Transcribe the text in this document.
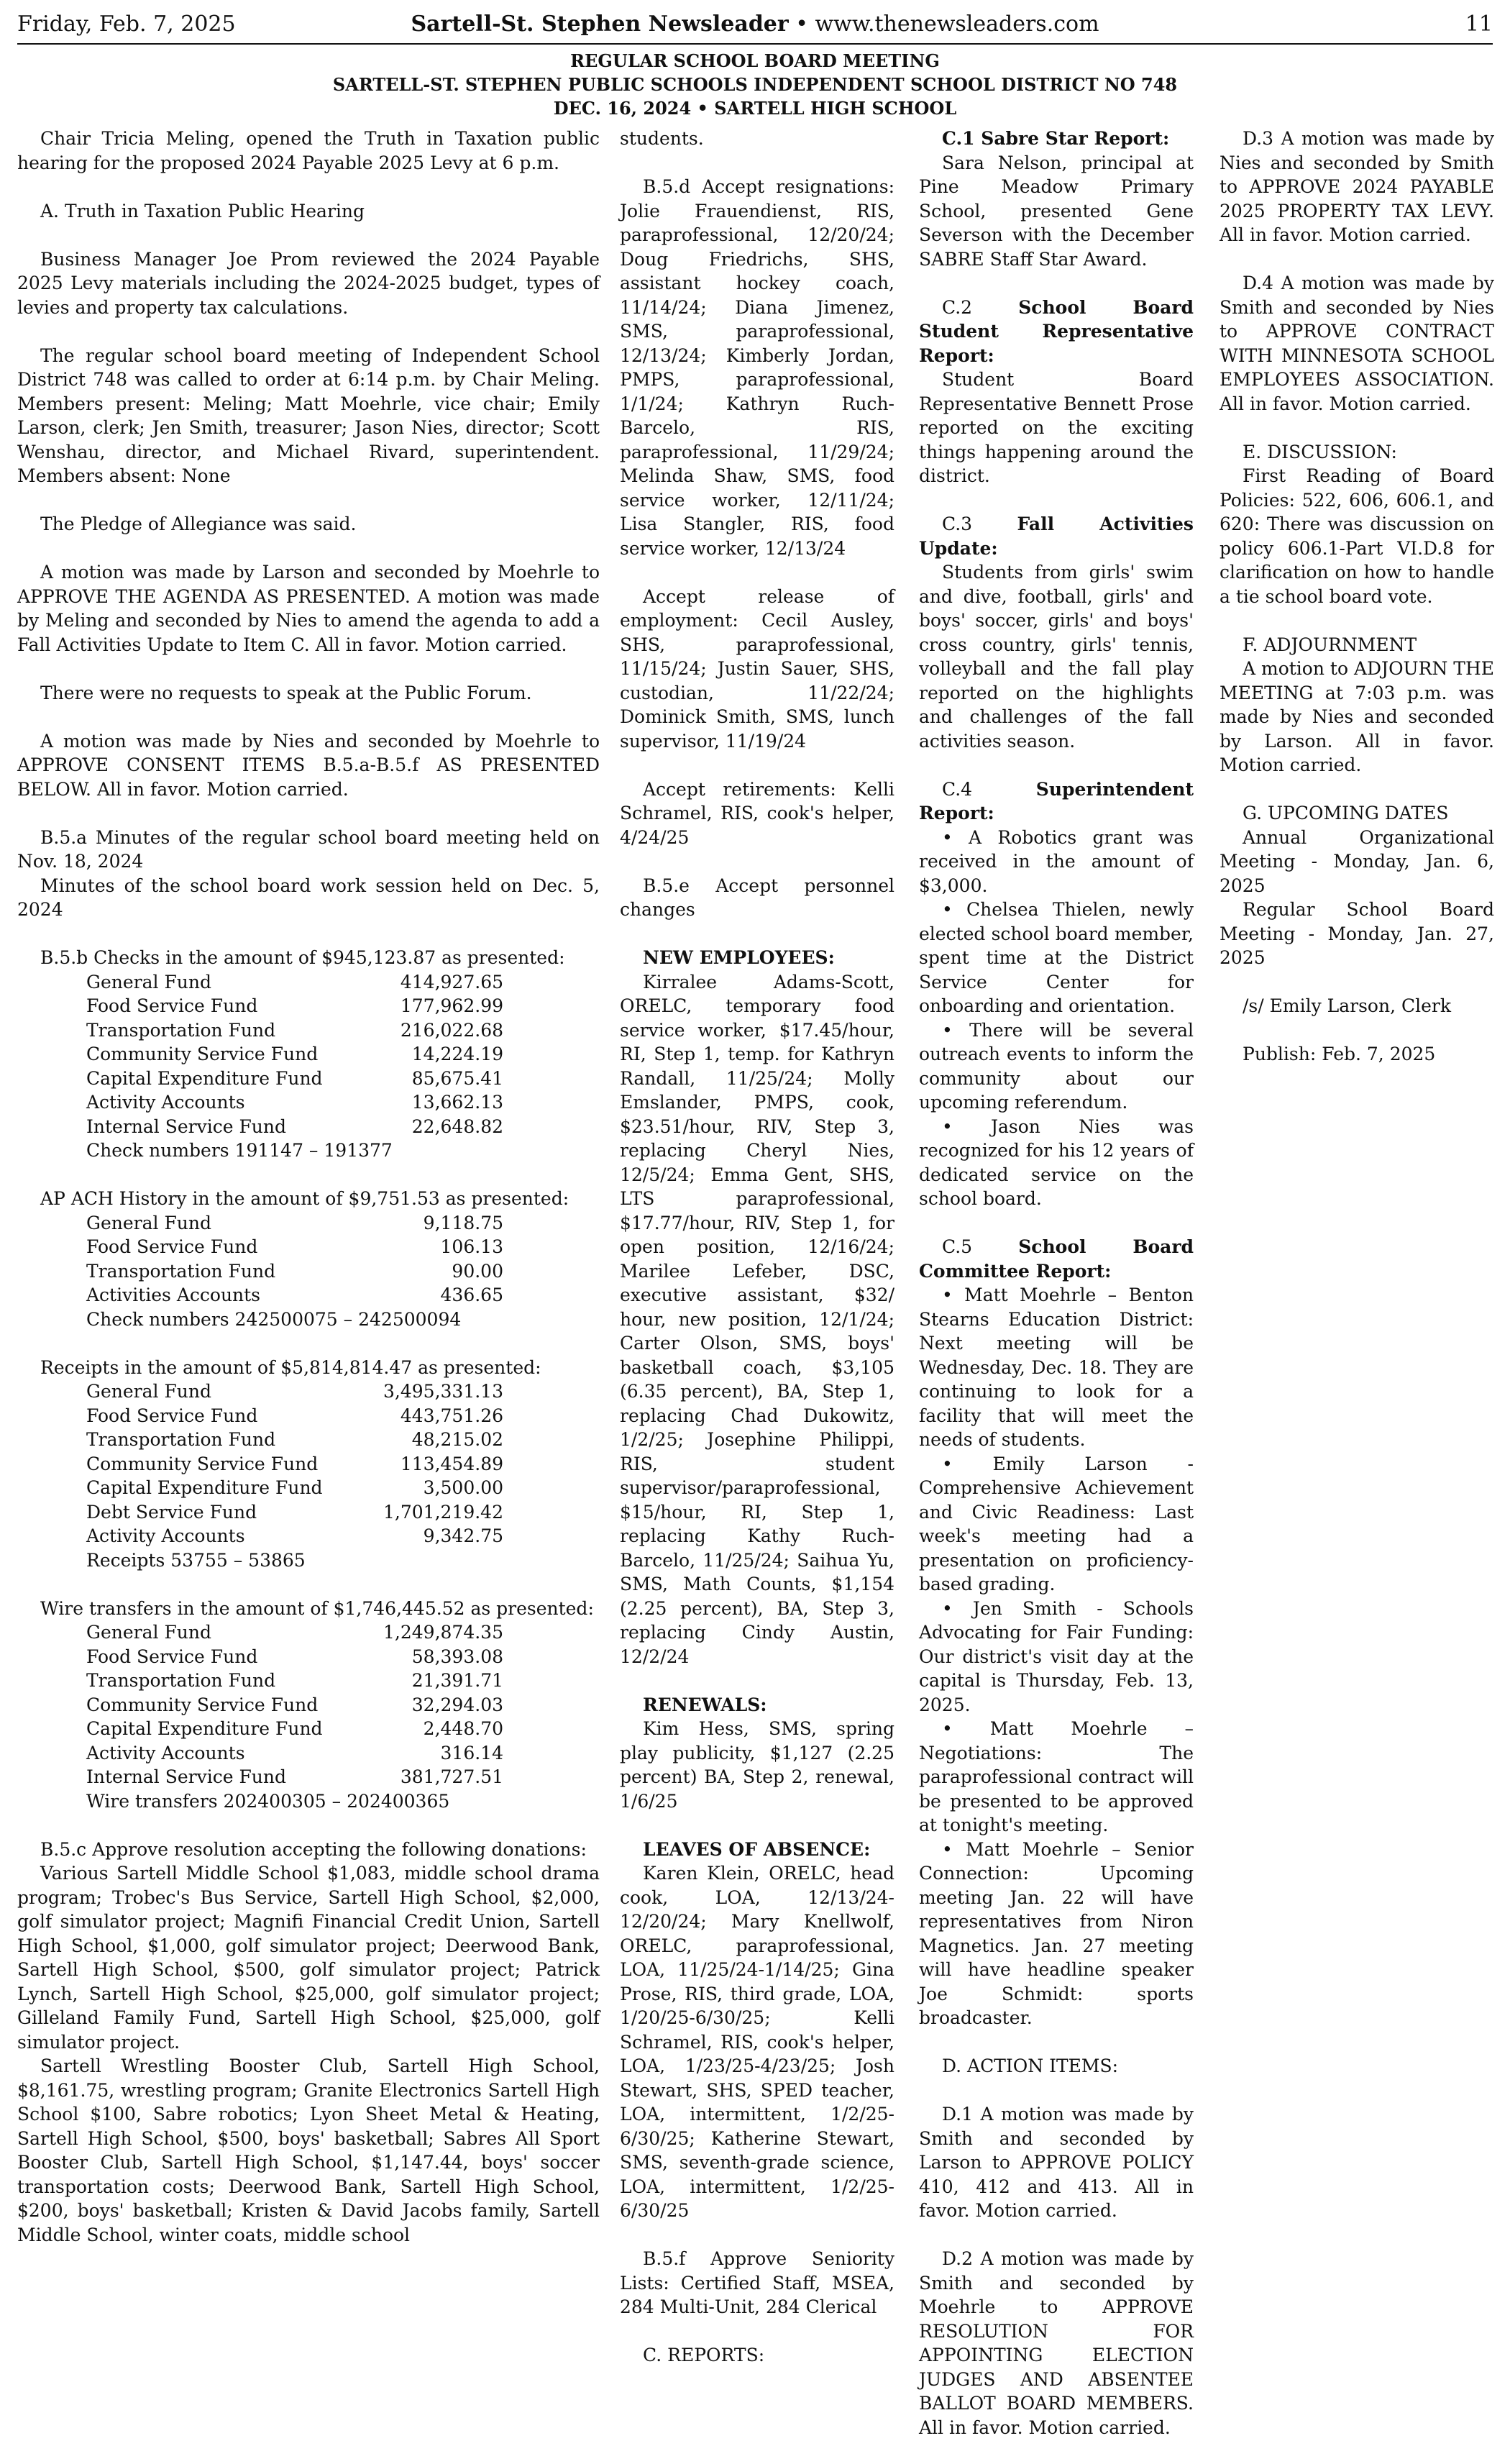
Friday, Feb. 7, 2025	Sartell-St. Stephen Newsleader • www.thenewsleaders.com	11
REGULAR SCHOOL BOARD MEETING
SARTELL-ST. STEPHEN PUBLIC SCHOOLS INDEPENDENT SCHOOL DISTRICT NO 748
DEC. 16, 2024 • SARTELL HIGH SCHOOL

Chair Tricia Meling, opened the Truth in Taxation public hearing for the proposed 2024 Payable 2025 Levy at 6 p.m.

A. Truth in Taxation Public Hearing

Business Manager Joe Prom reviewed the 2024 Payable 2025 Levy materials including the 2024-2025 budget, types of levies and property tax calculations.

The regular school board meeting of Independent School District 748 was called to order at 6:14 p.m. by Chair Meling. Members present: Meling; Matt Moehrle, vice chair; Emily Larson, clerk; Jen Smith, treasurer; Jason Nies, director; Scott Wenshau, director, and Michael Rivard, superintendent. Members absent: None

The Pledge of Allegiance was said.

A motion was made by Larson and seconded by Moehrle to APPROVE THE AGENDA AS PRESENTED. A motion was made by Meling and seconded by Nies to amend the agenda to add a Fall Activities Update to Item C. All in favor. Motion carried.

There were no requests to speak at the Public Forum.

A motion was made by Nies and seconded by Moehrle to APPROVE CONSENT ITEMS B.5.a-B.5.f AS PRESENTED BELOW. All in favor. Motion carried.

B.5.a Minutes of the regular school board meeting held on Nov. 18, 2024

Minutes of the school board work session held on Dec. 5, 2024

B.5.b Checks in the amount of $945,123.87 as presented:
General Fund	414,927.65
Food Service Fund	177,962.99
Transportation Fund	216,022.68
Community Service Fund	14,224.19
Capital Expenditure Fund	85,675.41
Activity Accounts	13,662.13
Internal Service Fund	22,648.82
Check numbers 191147 – 191377

AP ACH History in the amount of $9,751.53 as presented:
General Fund	9,118.75
Food Service Fund	106.13
Transportation Fund	90.00
Activities Accounts	436.65
Check numbers 242500075 – 242500094

Receipts in the amount of $5,814,814.47 as presented:
General Fund	3,495,331.13
Food Service Fund	443,751.26
Transportation Fund	48,215.02
Community Service Fund	113,454.89
Capital Expenditure Fund	3,500.00
Debt Service Fund	1,701,219.42
Activity Accounts	9,342.75
Receipts 53755 – 53865

Wire transfers in the amount of $1,746,445.52 as presented:
General Fund	1,249,874.35
Food Service Fund	58,393.08
Transportation Fund	21,391.71
Community Service Fund	32,294.03
Capital Expenditure Fund	2,448.70
Activity Accounts	316.14
Internal Service Fund	381,727.51
Wire transfers 202400305 – 202400365

B.5.c Approve resolution accepting the following donations:

Various Sartell Middle School $1,083, middle school drama program; Trobec's Bus Service, Sartell High School, $2,000, golf simulator project; Magnifi Financial Credit Union, Sartell High School, $1,000, golf simulator project; Deerwood Bank, Sartell High School, $500, golf simulator project; Patrick Lynch, Sartell High School, $25,000, golf simulator project; Gilleland Family Fund, Sartell High School, $25,000, golf simulator project.

Sartell Wrestling Booster Club, Sartell High School, $8,161.75, wrestling program; Granite Electronics Sartell High School $100, Sabre robotics; Lyon Sheet Metal & Heating, Sartell High School, $500, boys' basketball; Sabres All Sport Booster Club, Sartell High School, $1,147.44, boys' soccer transportation costs; Deerwood Bank, Sartell High School, $200, boys' basketball; Kristen & David Jacobs family, Sartell Middle School, winter coats, middle school

students.

B.5.d Accept resignations: Jolie Frauendienst, RIS, paraprofessional, 12/20/24; Doug Friedrichs, SHS, assistant hockey coach, 11/14/24; Diana Jimenez, SMS, paraprofessional, 12/13/24; Kimberly Jordan, PMPS, paraprofessional, 1/1/24; Kathryn Ruch-Barcelo, RIS, paraprofessional, 11/29/24; Melinda Shaw, SMS, food service worker, 12/11/24; Lisa Stangler, RIS, food service worker, 12/13/24

Accept release of employment: Cecil Ausley, SHS, paraprofessional, 11/15/24; Justin Sauer, SHS, custodian, 11/22/24; Dominick Smith, SMS, lunch supervisor, 11/19/24

Accept retirements: Kelli Schramel, RIS, cook's helper, 4/24/25

B.5.e Accept personnel changes

NEW EMPLOYEES:

Kirralee Adams-Scott, ORELC, temporary food service worker, $17.45/hour, RI, Step 1, temp. for Kathryn Randall, 11/25/24; Molly Emslander, PMPS, cook, $23.51/hour, RIV, Step 3, replacing Cheryl Nies, 12/5/24; Emma Gent, SHS, LTS paraprofessional, $17.77/hour, RIV, Step 1, for open position, 12/16/24; Marilee Lefeber, DSC, executive assistant, $32/ hour, new position, 12/1/24; Carter Olson, SMS, boys' basketball coach, $3,105 (6.35 percent), BA, Step 1, replacing Chad Dukowitz, 1/2/25; Josephine Philippi, RIS, student supervisor/paraprofessional, $15/hour, RI, Step 1, replacing Kathy Ruch-Barcelo, 11/25/24; Saihua Yu, SMS, Math Counts, $1,154 (2.25 percent), BA, Step 3, replacing Cindy Austin, 12/2/24

RENEWALS:

Kim Hess, SMS, spring play publicity, $1,127 (2.25 percent) BA, Step 2, renewal, 1/6/25

LEAVES OF ABSENCE:

Karen Klein, ORELC, head cook, LOA, 12/13/24-12/20/24; Mary Knellwolf, ORELC, paraprofessional, LOA, 11/25/24-1/14/25; Gina Prose, RIS, third grade, LOA, 1/20/25-6/30/25; Kelli Schramel, RIS, cook's helper, LOA, 1/23/25-4/23/25; Josh Stewart, SHS, SPED teacher, LOA, intermittent, 1/2/25-6/30/25; Katherine Stewart, SMS, seventh-grade science, LOA, intermittent, 1/2/25-6/30/25

B.5.f Approve Seniority Lists: Certified Staff, MSEA, 284 Multi-Unit, 284 Clerical

C. REPORTS:

C.1 Sabre Star Report:

Sara Nelson, principal at Pine Meadow Primary School, presented Gene Severson with the December SABRE Staff Star Award.

C.2 School Board Student Representative Report:

Student Board Representative Bennett Prose reported on the exciting things happening around the district.

C.3 Fall Activities Update:

Students from girls' swim and dive, football, girls' and boys' soccer, girls' and boys' cross country, girls' tennis, volleyball and the fall play reported on the highlights and challenges of the fall activities season.

C.4 Superintendent Report:

• A Robotics grant was received in the amount of $3,000.

• Chelsea Thielen, newly elected school board member, spent time at the District Service Center for onboarding and orientation.

• There will be several outreach events to inform the community about our upcoming referendum.

• Jason Nies was recognized for his 12 years of dedicated service on the school board.

C.5 School Board Committee Report:

• Matt Moehrle – Benton Stearns Education District: Next meeting will be Wednesday, Dec. 18. They are continuing to look for a facility that will meet the needs of students.

• Emily Larson - Comprehensive Achievement and Civic Readiness: Last week's meeting had a presentation on proficiency-based grading.

• Jen Smith - Schools Advocating for Fair Funding: Our district's visit day at the capital is Thursday, Feb. 13, 2025.

• Matt Moehrle – Negotiations: The paraprofessional contract will be presented to be approved at tonight's meeting.

• Matt Moehrle – Senior Connection: Upcoming meeting Jan. 22 will have representatives from Niron Magnetics. Jan. 27 meeting will have headline speaker Joe Schmidt: sports broadcaster.

D. ACTION ITEMS:

D.1 A motion was made by Smith and seconded by Larson to APPROVE POLICY 410, 412 and 413. All in favor. Motion carried.

D.2 A motion was made by Smith and seconded by Moehrle to APPROVE RESOLUTION FOR APPOINTING ELECTION JUDGES AND ABSENTEE BALLOT BOARD MEMBERS. All in favor. Motion carried.

D.3 A motion was made by Nies and seconded by Smith to APPROVE 2024 PAYABLE 2025 PROPERTY TAX LEVY. All in favor. Motion carried.

D.4 A motion was made by Smith and seconded by Nies to APPROVE CONTRACT WITH MINNESOTA SCHOOL EMPLOYEES ASSOCIATION. All in favor. Motion carried.

E. DISCUSSION:

First Reading of Board Policies: 522, 606, 606.1, and 620: There was discussion on policy 606.1-Part VI.D.8 for clarification on how to handle a tie school board vote.

F. ADJOURNMENT

A motion to ADJOURN THE MEETING at 7:03 p.m. was made by Nies and seconded by Larson. All in favor. Motion carried.

G. UPCOMING DATES

Annual Organizational Meeting - Monday, Jan. 6, 2025

Regular School Board Meeting - Monday, Jan. 27, 2025

/s/ Emily Larson, Clerk

Publish: Feb. 7, 2025
